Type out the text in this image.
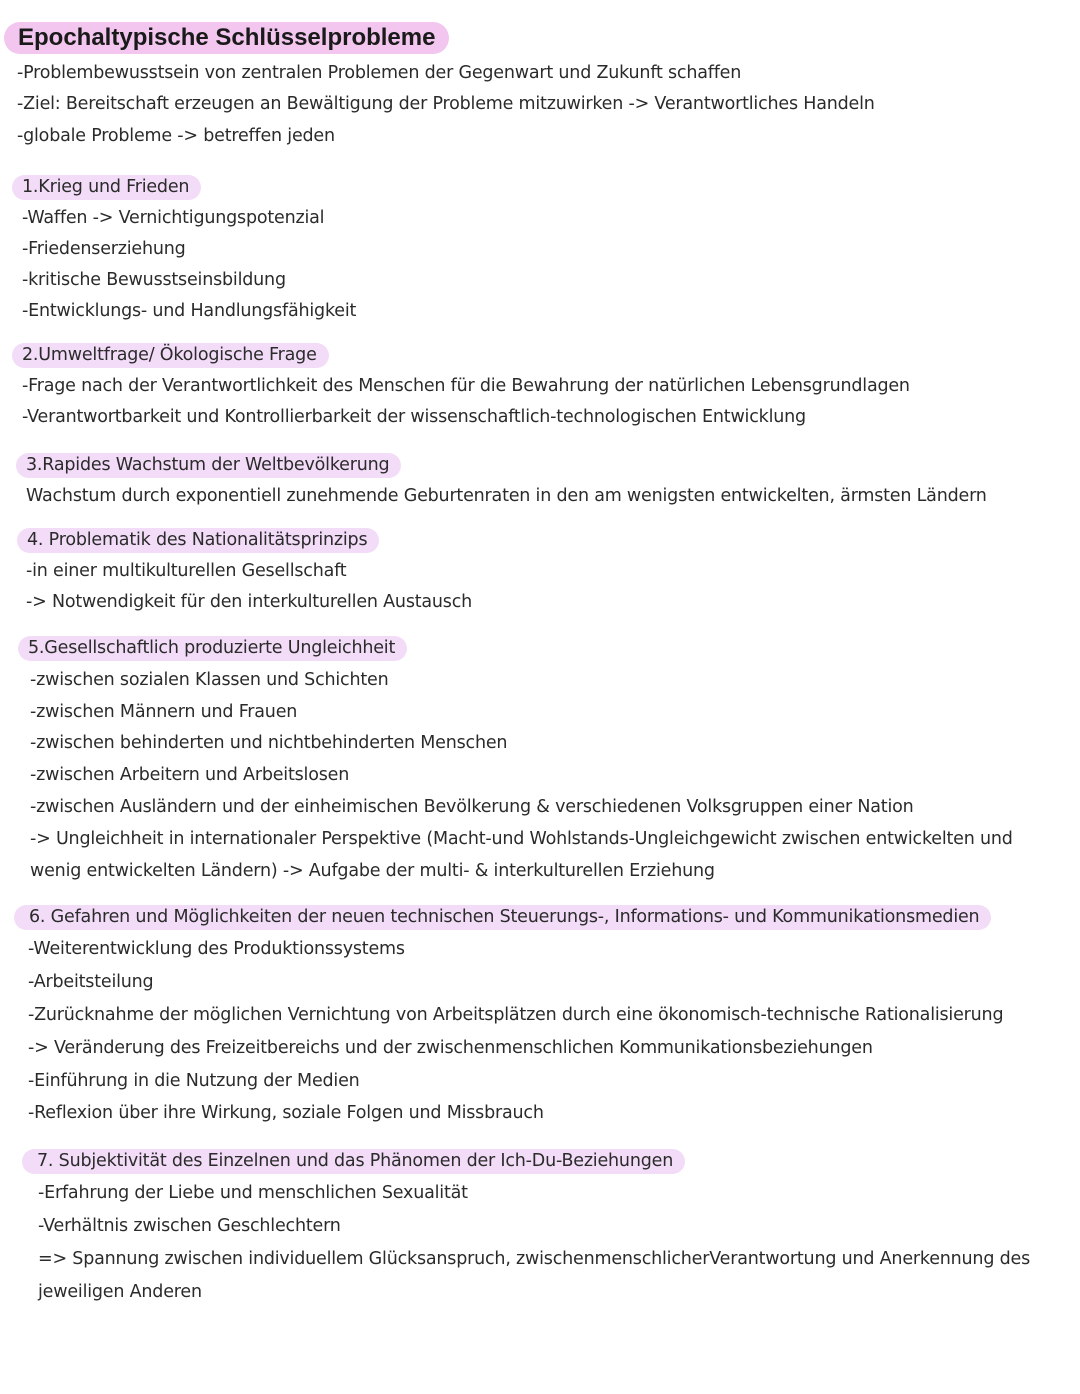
Epochaltypische Schlüsselprobleme
-Problembewusstsein von zentralen Problemen der Gegenwart und Zukunft schaffen
-Ziel: Bereitschaft erzeugen an Bewältigung der Probleme mitzuwirken -> Verantwortliches Handeln
-globale Probleme -> betreffen jeden
1.Krieg und Frieden
-Waffen -> Vernichtigungspotenzial
-Friedenserziehung
-kritische Bewusstseinsbildung
-Entwicklungs- und Handlungsfähigkeit
2.Umweltfrage/ Ökologische Frage
-Frage nach der Verantwortlichkeit des Menschen für die Bewahrung der natürlichen Lebensgrundlagen
-Verantwortbarkeit und Kontrollierbarkeit der wissenschaftlich-technologischen Entwicklung
3.Rapides Wachstum der Weltbevölkerung
Wachstum durch exponentiell zunehmende Geburtenraten in den am wenigsten entwickelten, ärmsten Ländern
4. Problematik des Nationalitätsprinzips
-in einer multikulturellen Gesellschaft
-> Notwendigkeit für den interkulturellen Austausch
5.Gesellschaftlich produzierte Ungleichheit
-zwischen sozialen Klassen und Schichten
-zwischen Männern und Frauen
-zwischen behinderten und nichtbehinderten Menschen
-zwischen Arbeitern und Arbeitslosen
-zwischen Ausländern und der einheimischen Bevölkerung & verschiedenen Volksgruppen einer Nation
-> Ungleichheit in internationaler Perspektive (Macht-und Wohlstands-Ungleichgewicht zwischen entwickelten und
wenig entwickelten Ländern) -> Aufgabe der multi- & interkulturellen Erziehung
6. Gefahren und Möglichkeiten der neuen technischen Steuerungs-, Informations- und Kommunikationsmedien
-Weiterentwicklung des Produktionssystems
-Arbeitsteilung
-Zurücknahme der möglichen Vernichtung von Arbeitsplätzen durch eine ökonomisch-technische Rationalisierung
-> Veränderung des Freizeitbereichs und der zwischenmenschlichen Kommunikationsbeziehungen
-Einführung in die Nutzung der Medien
-Reflexion über ihre Wirkung, soziale Folgen und Missbrauch
7. Subjektivität des Einzelnen und das Phänomen der Ich-Du-Beziehungen
-Erfahrung der Liebe und menschlichen Sexualität
-Verhältnis zwischen Geschlechtern
=> Spannung zwischen individuellem Glücksanspruch, zwischenmenschlicherVerantwortung und Anerkennung des
jeweiligen Anderen
